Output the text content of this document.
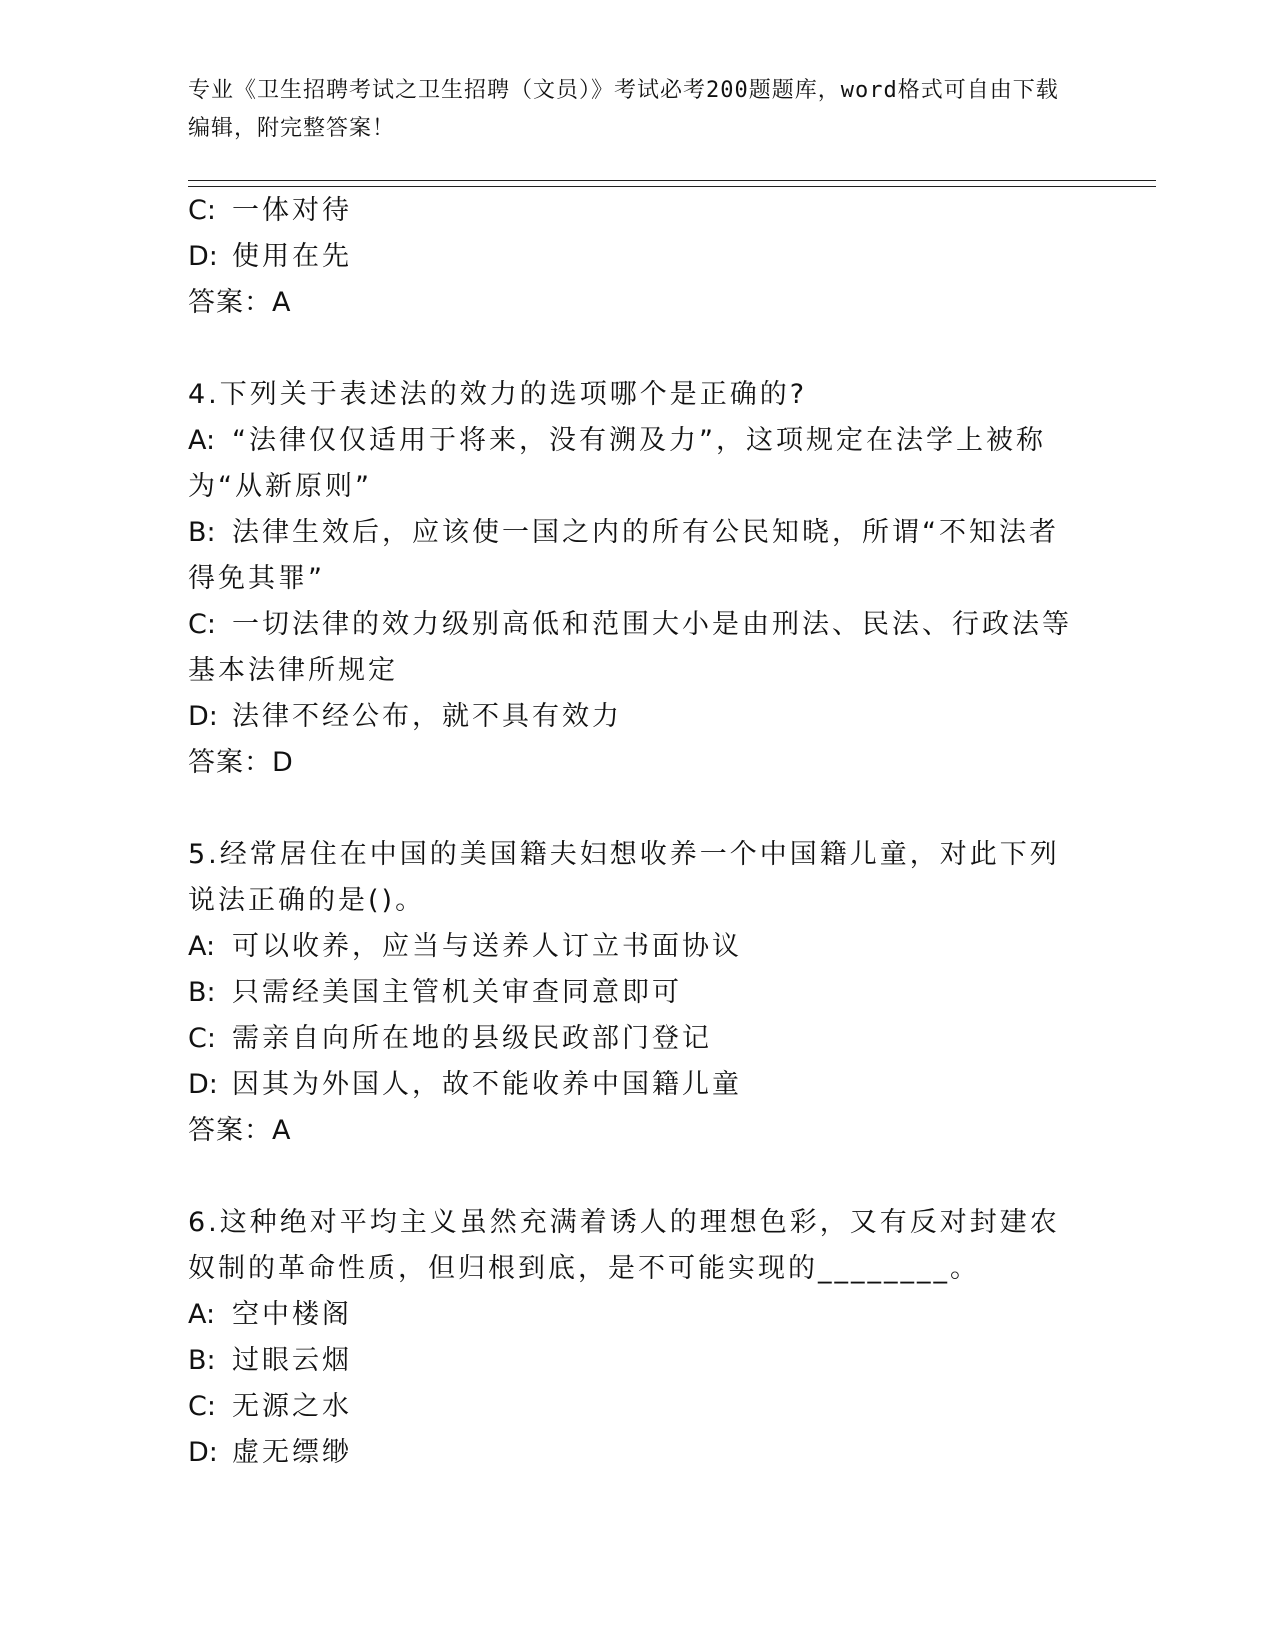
专业《卫生招聘考试之卫生招聘（文员）》考试必考200题题库，word格式可自由下载编辑，附完整答案！
C: 一体对待
D: 使用在先
答案：A
4.下列关于表述法的效力的选项哪个是正确的?
A: “法律仅仅适用于将来，没有溯及力”，这项规定在法学上被称为“从新原则”
B: 法律生效后，应该使一国之内的所有公民知晓，所谓“不知法者得免其罪”
C: 一切法律的效力级别高低和范围大小是由刑法、民法、行政法等基本法律所规定
D: 法律不经公布，就不具有效力
答案：D
5.经常居住在中国的美国籍夫妇想收养一个中国籍儿童，对此下列说法正确的是()。
A: 可以收养，应当与送养人订立书面协议
B: 只需经美国主管机关审查同意即可
C: 需亲自向所在地的县级民政部门登记
D: 因其为外国人，故不能收养中国籍儿童
答案：A
6.这种绝对平均主义虽然充满着诱人的理想色彩，又有反对封建农奴制的革命性质，但归根到底，是不可能实现的________。
A: 空中楼阁
B: 过眼云烟
C: 无源之水
D: 虚无缥缈
